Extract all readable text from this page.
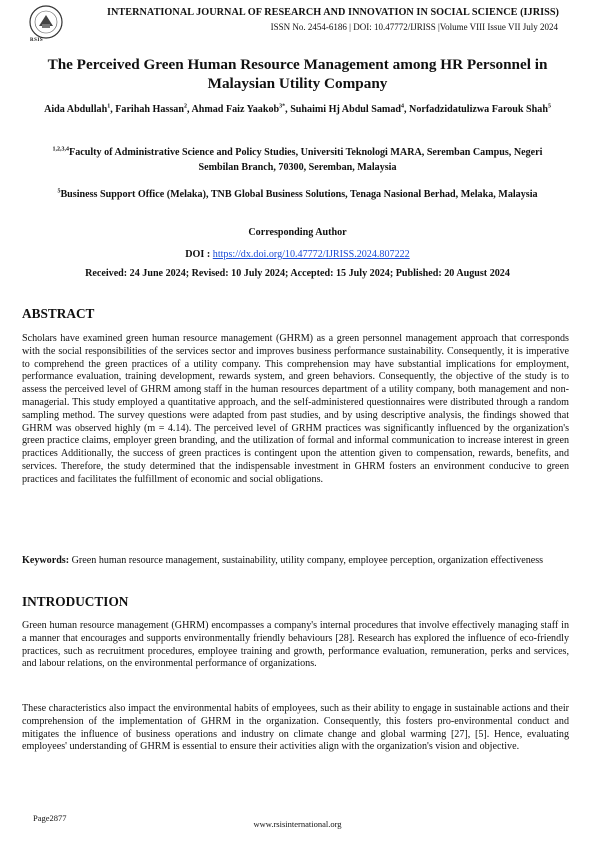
RSIS
INTERNATIONAL JOURNAL OF RESEARCH AND INNOVATION IN SOCIAL SCIENCE (IJRISS)
ISSN No. 2454-6186 | DOI: 10.47772/IJRISS |Volume VIII Issue VII July 2024
The Perceived Green Human Resource Management among HR Personnel in Malaysian Utility Company
Aida Abdullah$^1$, Farihah Hassan$^2$, Ahmad Faiz Yaakob$^{3*}$, Suhaimi Hj Abdul Samad$^4$, Norfadzidatulizwa Farouk Shah$^5$
$^{1,2,3,4}$Faculty of Administrative Science and Policy Studies, Universiti Teknologi MARA, Seremban Campus, Negeri Sembilan Branch, 70300, Seremban, Malaysia
$^5$Business Support Office (Melaka), TNB Global Business Solutions, Tenaga Nasional Berhad, Melaka, Malaysia
Corresponding Author
DOI : https://dx.doi.org/10.47772/IJRISS.2024.807222
Received: 24 June 2024; Revised: 10 July 2024; Accepted: 15 July 2024; Published: 20 August 2024
ABSTRACT
Scholars have examined green human resource management (GHRM) as a green personnel management approach that corresponds with the social responsibilities of the services sector and improves business performance sustainability. Consequently, it is imperative to comprehend the green practices of a utility company. This comprehension may have substantial implications for employment, performance evaluation, training development, rewards system, and green behaviors. Consequently, the objective of the study is to assess the perceived level of GHRM among staff in the human resources department of a utility company, both management and non-managerial. This study employed a quantitative approach, and the self-administered questionnaires were distributed through a random sampling method. The survey questions were adapted from past studies, and by using descriptive analysis, the findings showed that GHRM was observed highly (m = 4.14). The perceived level of GRHM practices was significantly influenced by the organization's green practice claims, employer green branding, and the utilization of formal and informal communication to increase interest in green practices Additionally, the success of green practices is contingent upon the attention given to compensation, rewards, benefits, and services. Therefore, the study determined that the indispensable investment in GHRM fosters an environment conducive to green practices and facilitates the fulfillment of economic and social obligations.
Keywords: Green human resource management, sustainability, utility company, employee perception, organization effectiveness
INTRODUCTION
Green human resource management (GHRM) encompasses a company's internal procedures that involve effectively managing staff in a manner that encourages and supports environmentally friendly behaviours [28]. Research has explored the influence of eco-friendly practices, such as recruitment procedures, employee training and growth, performance evaluation, remuneration, perks and services, and labour relations, on the environmental performance of organizations.
These characteristics also impact the environmental habits of employees, such as their ability to engage in sustainable actions and their comprehension of the implementation of GHRM in the organization. Consequently, this fosters pro-environmental conduct and mitigates the influence of business operations and industry on climate change and global warming [27], [5]. Hence, evaluating employees' understanding of GHRM is essential to ensure their activities align with the organization's vision and objective.
Page2877
www.rsisinternational.org
